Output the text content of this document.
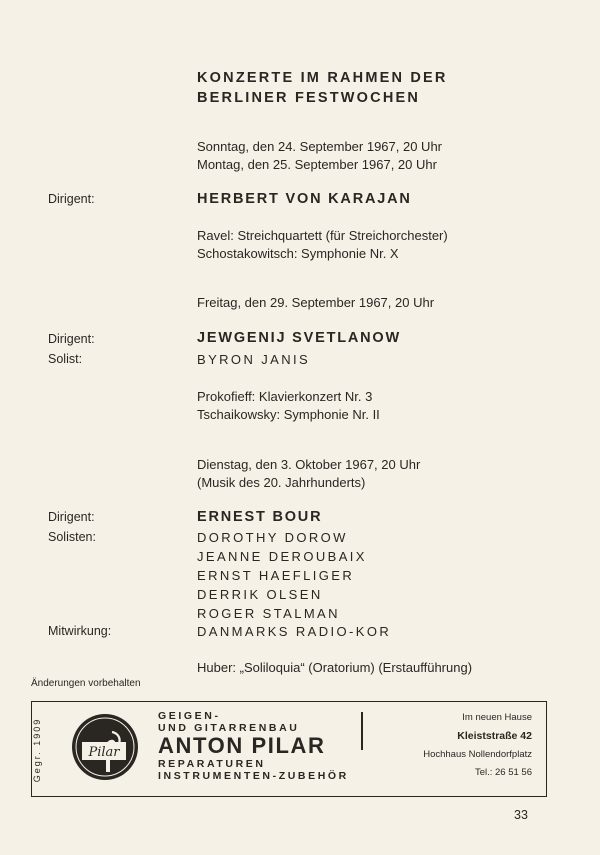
KONZERTE IM RAHMEN DER
BERLINER FESTWOCHEN
Sonntag, den 24. September 1967, 20 Uhr
Montag, den 25. September 1967, 20 Uhr
Dirigent:	HERBERT VON KARAJAN
Ravel: Streichquartett (für Streichorchester)
Schostakowitsch: Symphonie Nr. X
Freitag, den 29. September 1967, 20 Uhr
Dirigent:	JEWGENIJ SVETLANOW
Solist:	BYRON JANIS
Prokofieff: Klavierkonzert Nr. 3
Tschaikowsky: Symphonie Nr. II
Dienstag, den 3. Oktober 1967, 20 Uhr
(Musik des 20. Jahrhunderts)
Dirigent:	ERNEST BOUR
Solisten:	DOROTHY DOROW
JEANNE DEROUBAIX
ERNST HAEFLIGER
DERRIK OLSEN
ROGER STALMAN
Mitwirkung:	DANMARKS RADIO-KOR
Huber: „Soliloquia“ (Oratorium) (Erstaufführung)
Änderungen vorbehalten
Gegr. 1909	Pilar
GEIGEN-
UND GITARRENBAU
ANTON PILAR
REPARATUREN
INSTRUMENTEN-ZUBEHÖR
Im neuen Hause
Kleiststraße 42
Hochhaus Nollendorfplatz
Tel.: 26 51 56
33
